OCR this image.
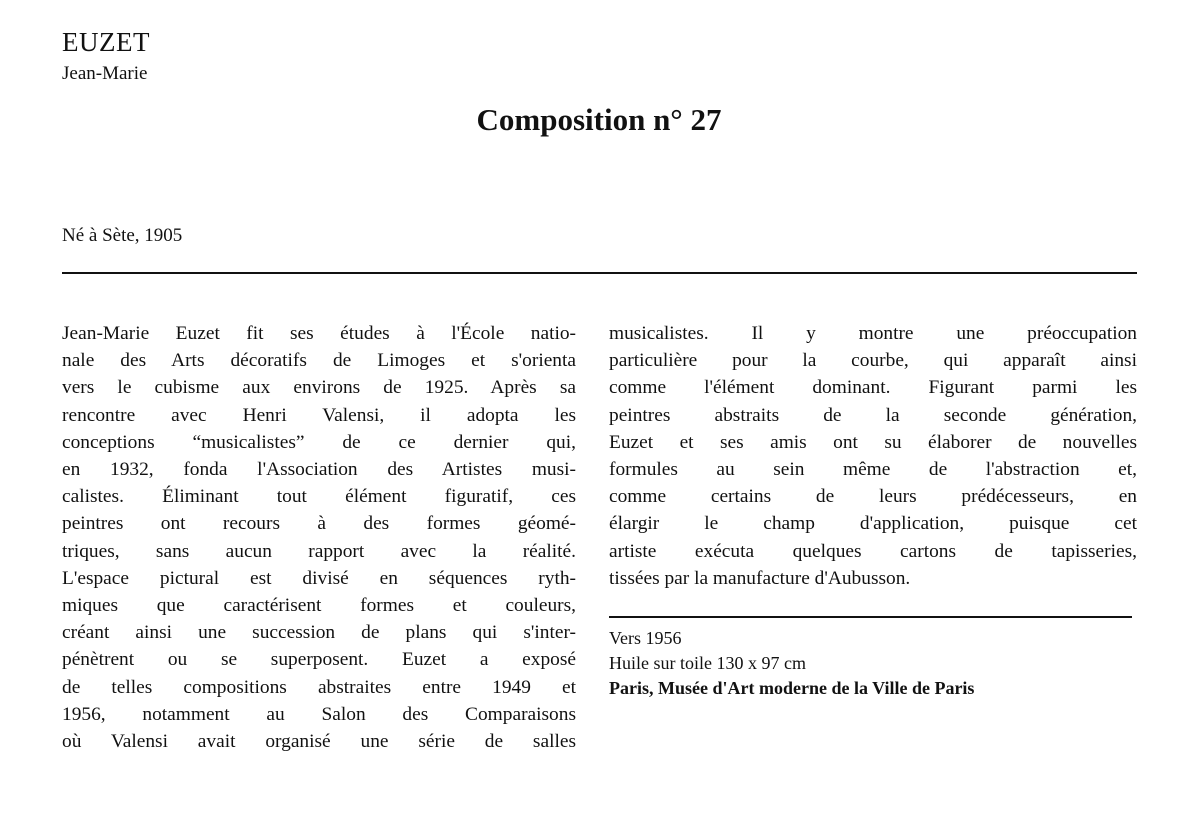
EUZET
Jean-Marie
Composition n° 27
Né à Sète, 1905
Jean-Marie Euzet fit ses études à l'École natio-
nale des Arts décoratifs de Limoges et s'orienta
vers le cubisme aux environs de 1925. Après sa
rencontre avec Henri Valensi, il adopta les
conceptions “musicalistes” de ce dernier qui,
en 1932, fonda l'Association des Artistes musi-
calistes. Éliminant tout élément figuratif, ces
peintres ont recours à des formes géomé-
triques, sans aucun rapport avec la réalité.
L'espace pictural est divisé en séquences ryth-
miques que caractérisent formes et couleurs,
créant ainsi une succession de plans qui s'inter-
pénètrent ou se superposent. Euzet a exposé
de telles compositions abstraites entre 1949 et
1956, notamment au Salon des Comparaisons
où Valensi avait organisé une série de salles
musicalistes. Il y montre une préoccupation
particulière pour la courbe, qui apparaît ainsi
comme l'élément dominant. Figurant parmi les
peintres abstraits de la seconde génération,
Euzet et ses amis ont su élaborer de nouvelles
formules au sein même de l'abstraction et,
comme certains de leurs prédécesseurs, en
élargir le champ d'application, puisque cet
artiste exécuta quelques cartons de tapisseries,
tissées par la manufacture d'Aubusson.
Vers 1956
Huile sur toile 130 x 97 cm
Paris, Musée d'Art moderne de la Ville de Paris
